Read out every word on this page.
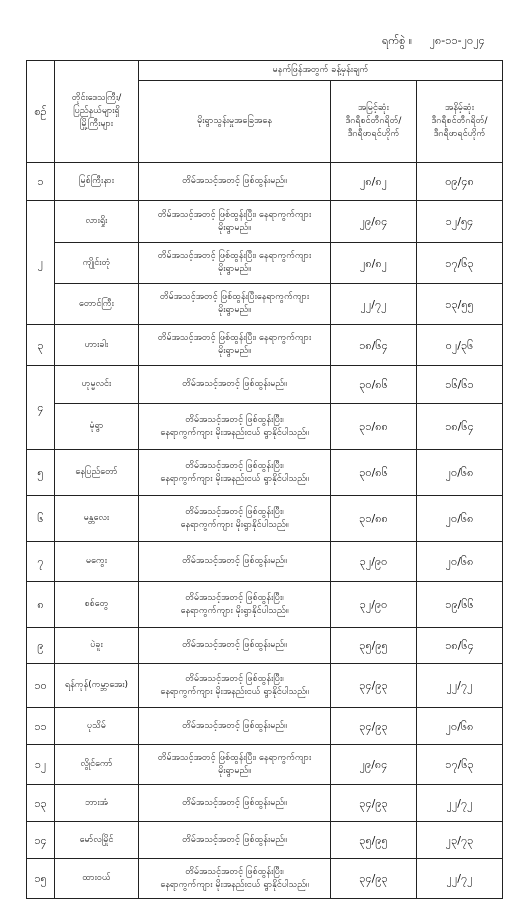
ရက်စွဲ ။ ၂၈-၁၁-၂၀၂၄
စဉ်	တိုင်းဒေသကြီး/
ပြည်နယ်များရှိ
မြို့ကြီးများ	မနက်ဖြန်အတွက် ခန့်မှန်းချက်		
		မိုးရွာသွန်းမှုအခြေအနေ	အမြင့်ဆုံး
ဒီဂရီစင်တီဂရိတ်/
ဒီဂရီဖာရင်ဟိုက်	အနိမ့်ဆုံး
ဒီဂရီစင်တီဂရိတ်/
ဒီဂရီဖာရင်ဟိုက်
၁	မြစ်ကြီးနား	တိမ်အသင့်အတင့် ဖြစ်ထွန်းမည်။	၂၈/၈၂	၀၉/၄၈
၂	လားရှိုး	တိမ်အသင့်အတင့် ဖြစ်ထွန်းပြီး၊ နေရာကွက်ကျား
မိုးရွာမည်။	၂၉/၈၄	၁၂/၅၄
	ကျိုင်းတုံ	တိမ်အသင့်အတင့် ဖြစ်ထွန်းပြီး၊ နေရာကွက်ကျား
မိုးရွာမည်။	၂၈/၈၂	၁၇/၆၃
	တောင်ကြီး	တိမ်အသင့်အတင့် ဖြစ်ထွန်းပြီးနေရာကွက်ကျား
မိုးရွာမည်။	၂၂/၇၂	၁၃/၅၅
၃	ဟားခါး	တိမ်အသင့်အတင့် ဖြစ်ထွန်းပြီး၊ နေရာကွက်ကျား
မိုးရွာမည်။	၁၈/၆၄	၀၂/၃၆
၄	ဟုမ္မလင်း	တိမ်အသင့်အတင့် ဖြစ်ထွန်းမည်။	၃၀/၈၆	၁၆/၆၁
	မုံရွာ	တိမ်အသင့်အတင့် ဖြစ်ထွန်းပြီး၊
နေရာကွက်ကျား မိုးအနည်းငယ် ရွာနိုင်ပါသည်။	၃၁/၈၈	၁၈/၆၄
၅	နေပြည်တော်	တိမ်အသင့်အတင့် ဖြစ်ထွန်းပြီး၊
နေရာကွက်ကျား မိုးအနည်းငယ် ရွာနိုင်ပါသည်။	၃၀/၈၆	၂၀/၆၈
၆	မန္တလေး	တိမ်အသင့်အတင့် ဖြစ်ထွန်းပြီး၊
နေရာကွက်ကျား မိုးရွာနိုင်ပါသည်။	၃၁/၈၈	၂၀/၆၈
၇	မကွေး	တိမ်အသင့်အတင့် ဖြစ်ထွန်းမည်။	၃၂/၉၀	၂၀/၆၈
၈	စစ်တွေ	တိမ်အသင့်အတင့် ဖြစ်ထွန်းပြီး၊
နေရာကွက်ကျား မိုးရွာနိုင်ပါသည်။	၃၂/၉၀	၁၉/၆၆
၉	ပဲခူး	တိမ်အသင့်အတင့် ဖြစ်ထွန်းမည်။	၃၅/၉၅	၁၈/၆၄
၁၀	ရန်ကုန်(ကမ္ဘာအေး)	တိမ်အသင့်အတင့် ဖြစ်ထွန်းပြီး၊
နေရာကွက်ကျား မိုးအနည်းငယ် ရွာနိုင်ပါသည်။	၃၄/၉၃	၂၂/၇၂
၁၁	ပုသိမ်	တိမ်အသင့်အတင့် ဖြစ်ထွန်းမည်။	၃၄/၉၃	၂၀/၆၈
၁၂	လွိုင်ကော်	တိမ်အသင့်အတင့် ဖြစ်ထွန်းပြီး၊ နေရာကွက်ကျား
မိုးရွာမည်။	၂၉/၈၄	၁၇/၆၃
၁၃	ဘားအံ	တိမ်အသင့်အတင့် ဖြစ်ထွန်းမည်။	၃၄/၉၃	၂၂/၇၂
၁၄	မော်လမြိုင်	တိမ်အသင့်အတင့် ဖြစ်ထွန်းမည်။	၃၅/၉၅	၂၃/၇၃
၁၅	ထားဝယ်	တိမ်အသင့်အတင့် ဖြစ်ထွန်းပြီး၊
နေရာကွက်ကျား မိုးအနည်းငယ် ရွာနိုင်ပါသည်။	၃၄/၉၃	၂၂/၇၂
